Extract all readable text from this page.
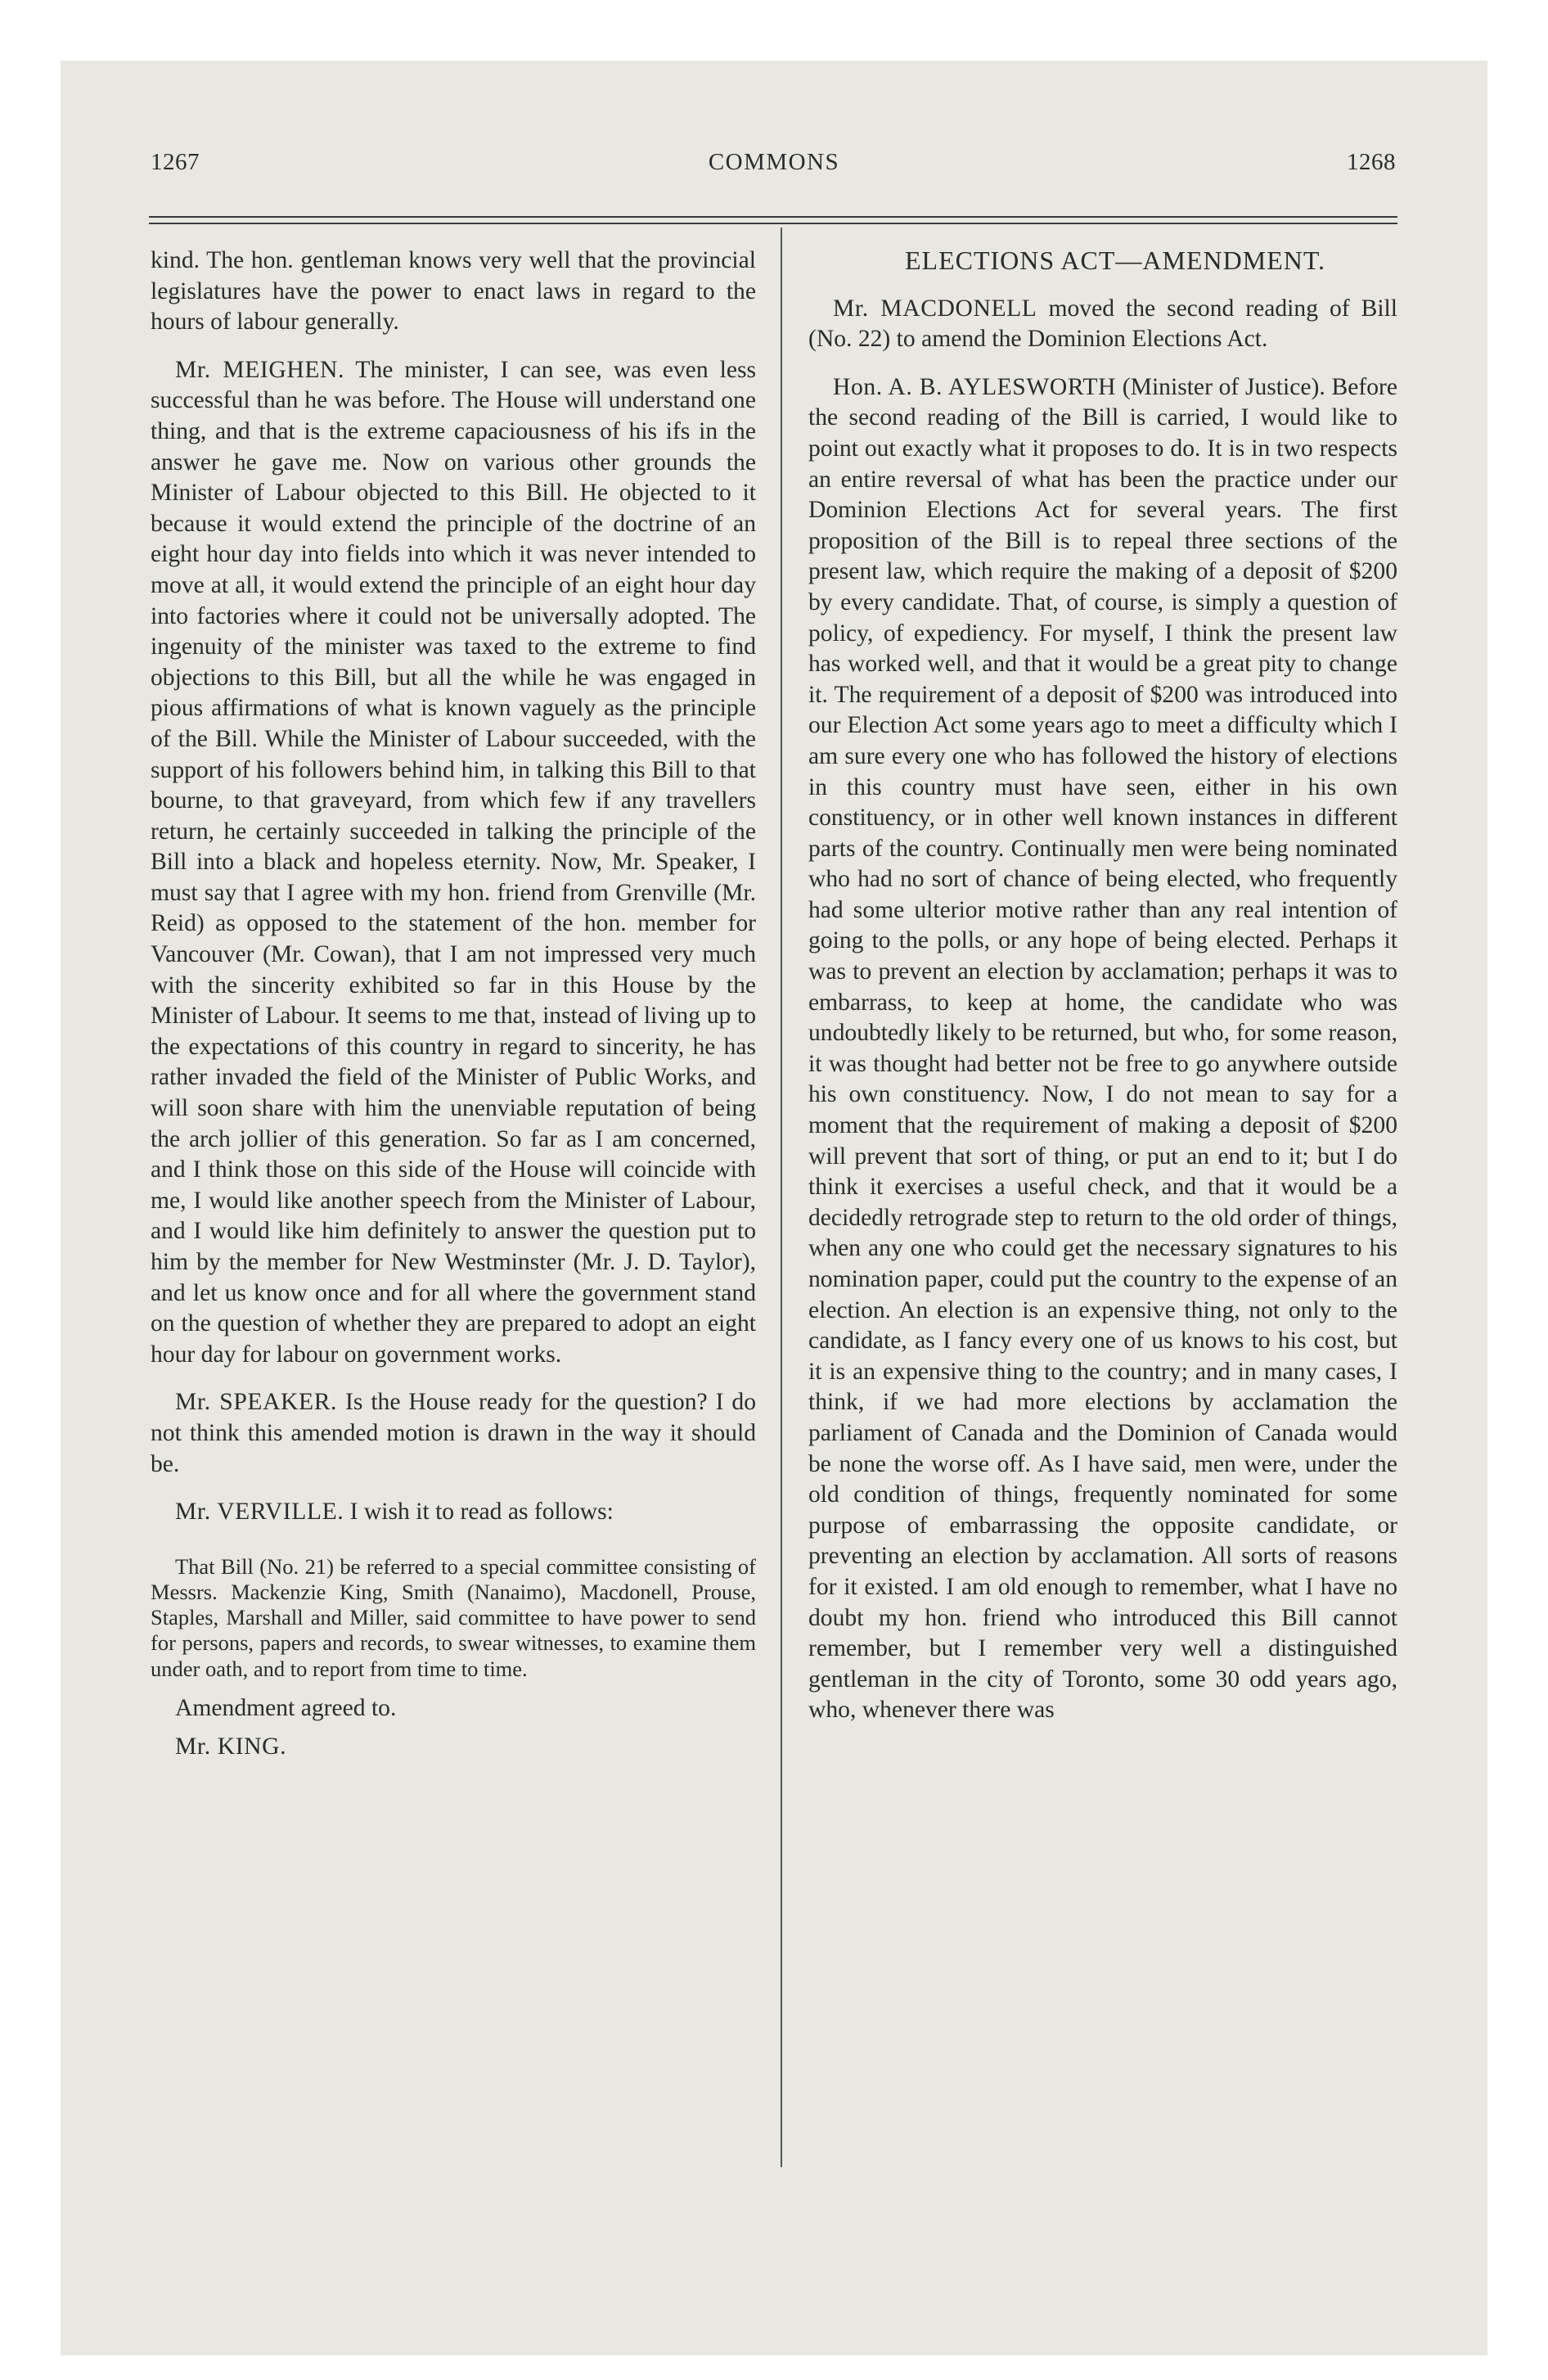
1267	COMMONS	1268

kind. The hon. gentleman knows very well that the provincial legislatures have the power to enact laws in regard to the hours of labour generally.

Mr. MEIGHEN. The minister, I can see, was even less successful than he was before. The House will understand one thing, and that is the extreme capaciousness of his ifs in the answer he gave me. Now on various other grounds the Minister of Labour objected to this Bill. He objected to it because it would extend the principle of the doctrine of an eight hour day into fields into which it was never intended to move at all, it would extend the principle of an eight hour day into factories where it could not be universally adopted. The ingenuity of the minister was taxed to the extreme to find objections to this Bill, but all the while he was engaged in pious affirmations of what is known vaguely as the principle of the Bill. While the Minister of Labour succeeded, with the support of his followers behind him, in talking this Bill to that bourne, to that graveyard, from which few if any travellers return, he certainly succeeded in talking the principle of the Bill into a black and hopeless eternity. Now, Mr. Speaker, I must say that I agree with my hon. friend from Grenville (Mr. Reid) as opposed to the statement of the hon. member for Vancouver (Mr. Cowan), that I am not impressed very much with the sincerity exhibited so far in this House by the Minister of Labour. It seems to me that, instead of living up to the expectations of this country in regard to sincerity, he has rather invaded the field of the Minister of Public Works, and will soon share with him the unenviable reputation of being the arch jollier of this generation. So far as I am concerned, and I think those on this side of the House will coincide with me, I would like another speech from the Minister of Labour, and I would like him definitely to answer the question put to him by the member for New Westminster (Mr. J. D. Taylor), and let us know once and for all where the government stand on the question of whether they are prepared to adopt an eight hour day for labour on government works.

Mr. SPEAKER. Is the House ready for the question? I do not think this amended motion is drawn in the way it should be.

Mr. VERVILLE. I wish it to read as follows:

That Bill (No. 21) be referred to a special committee consisting of Messrs. Mackenzie King, Smith (Nanaimo), Macdonell, Prouse, Staples, Marshall and Miller, said committee to have power to send for persons, papers and records, to swear witnesses, to examine them under oath, and to report from time to time.

Amendment agreed to.

Mr. KING.

ELECTIONS ACT—AMENDMENT.

Mr. MACDONELL moved the second reading of Bill (No. 22) to amend the Dominion Elections Act.

Hon. A. B. AYLESWORTH (Minister of Justice). Before the second reading of the Bill is carried, I would like to point out exactly what it proposes to do. It is in two respects an entire reversal of what has been the practice under our Dominion Elections Act for several years. The first proposition of the Bill is to repeal three sections of the present law, which require the making of a deposit of $200 by every candidate. That, of course, is simply a question of policy, of expediency. For myself, I think the present law has worked well, and that it would be a great pity to change it. The requirement of a deposit of $200 was introduced into our Election Act some years ago to meet a difficulty which I am sure every one who has followed the history of elections in this country must have seen, either in his own constituency, or in other well known instances in different parts of the country. Continually men were being nominated who had no sort of chance of being elected, who frequently had some ulterior motive rather than any real intention of going to the polls, or any hope of being elected. Perhaps it was to prevent an election by acclamation; perhaps it was to embarrass, to keep at home, the candidate who was undoubtedly likely to be returned, but who, for some reason, it was thought had better not be free to go anywhere outside his own constituency. Now, I do not mean to say for a moment that the requirement of making a deposit of $200 will prevent that sort of thing, or put an end to it; but I do think it exercises a useful check, and that it would be a decidedly retrograde step to return to the old order of things, when any one who could get the necessary signatures to his nomination paper, could put the country to the expense of an election. An election is an expensive thing, not only to the candidate, as I fancy every one of us knows to his cost, but it is an expensive thing to the country; and in many cases, I think, if we had more elections by acclamation the parliament of Canada and the Dominion of Canada would be none the worse off. As I have said, men were, under the old condition of things, frequently nominated for some purpose of embarrassing the opposite candidate, or preventing an election by acclamation. All sorts of reasons for it existed. I am old enough to remember, what I have no doubt my hon. friend who introduced this Bill cannot remember, but I remember very well a distinguished gentleman in the city of Toronto, some 30 odd years ago, who, whenever there was
